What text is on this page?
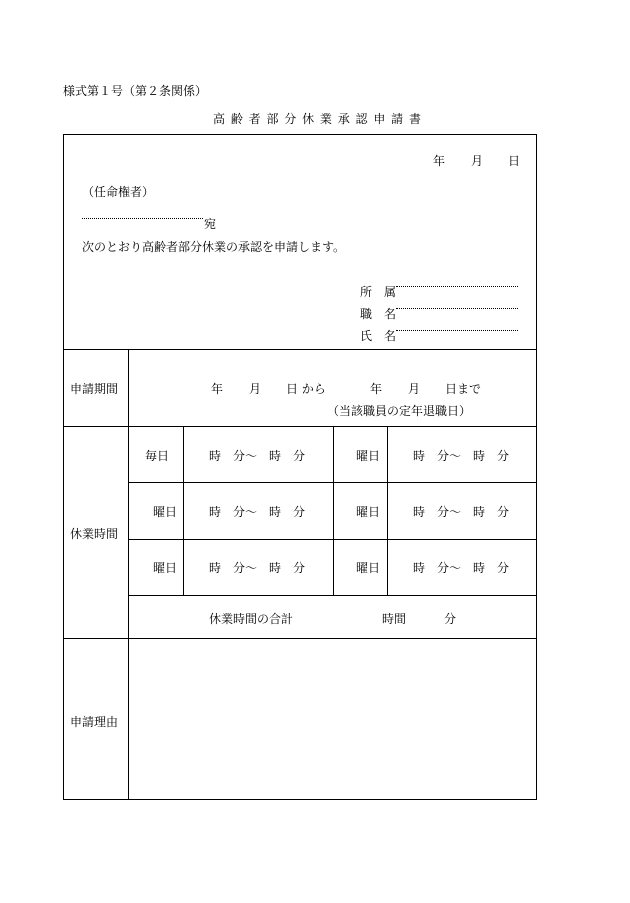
様式第１号（第２条関係）
高 齢 者 部 分 休 業 承 認 申 請 書
年 月 日
（任命権者）
宛
次のとおり高齢者部分休業の承認を申請します。
所　属
職　名
氏　名
申請期間	年 月 日 から	年 月 日まで
（当該職員の定年退職日）
休業時間
毎日	時　分～　時　分	曜日	時　分～　時　分
曜日	時　分～　時　分	曜日	時　分～　時　分
曜日	時　分～　時　分	曜日	時　分～　時　分
休業時間の合計	時間	分
申請理由
